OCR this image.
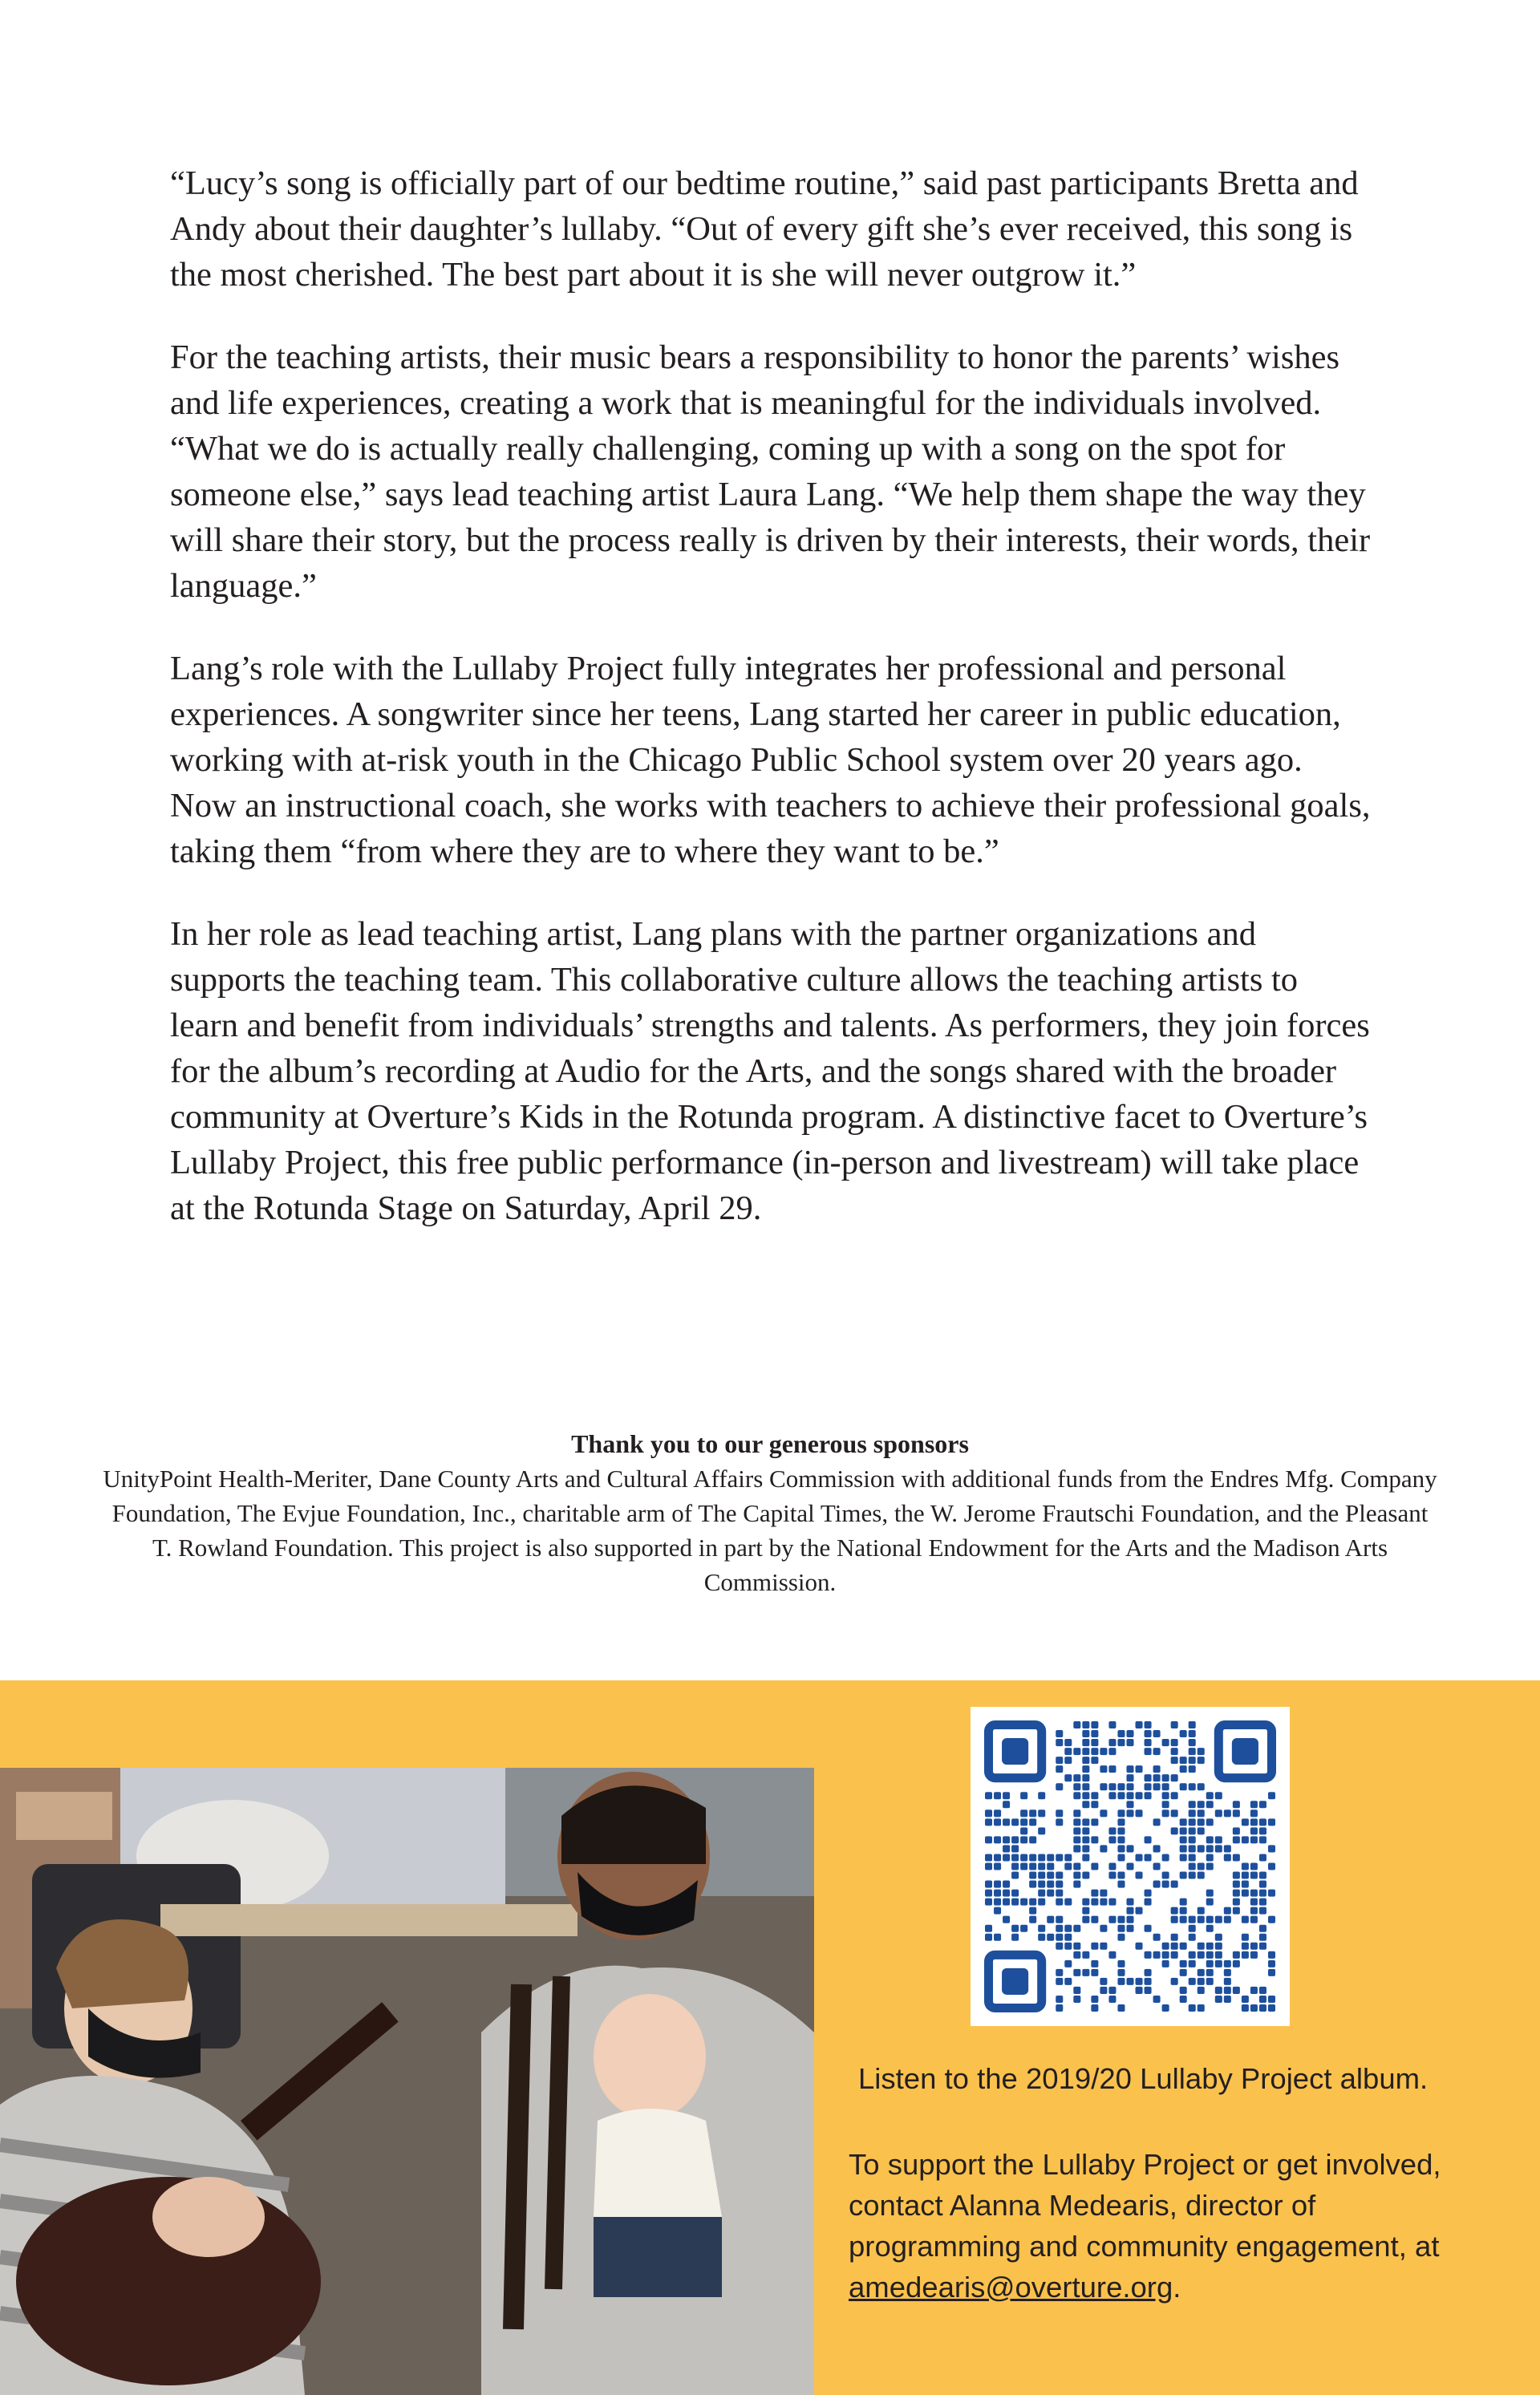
“Lucy’s song is officially part of our bedtime routine,” said past participants Bretta and Andy about their daughter’s lullaby. “Out of every gift she’s ever received, this song is the most cherished. The best part about it is she will never outgrow it.”

For the teaching artists, their music bears a responsibility to honor the parents’ wishes and life experiences, creating a work that is meaningful for the individuals involved. “What we do is actually really challenging, coming up with a song on the spot for someone else,” says lead teaching artist Laura Lang. “We help them shape the way they will share their story, but the process really is driven by their interests, their words, their language.”

Lang’s role with the Lullaby Project fully integrates her professional and personal experiences. A songwriter since her teens, Lang started her career in public education, working with at-risk youth in the Chicago Public School system over 20 years ago. Now an instructional coach, she works with teachers to achieve their professional goals, taking them “from where they are to where they want to be.”

In her role as lead teaching artist, Lang plans with the partner organizations and supports the teaching team. This collaborative culture allows the teaching artists to learn and benefit from individuals’ strengths and talents. As performers, they join forces for the album’s recording at Audio for the Arts, and the songs shared with the broader community at Overture’s Kids in the Rotunda program. A distinctive facet to Overture’s Lullaby Project, this free public performance (in-person and livestream) will take place at the Rotunda Stage on Saturday, April 29.

Thank you to our generous sponsors
UnityPoint Health-Meriter, Dane County Arts and Cultural Affairs Commission with additional funds from the Endres Mfg. Company Foundation, The Evjue Foundation, Inc., charitable arm of The Capital Times, the W. Jerome Frautschi Foundation, and the Pleasant T. Rowland Foundation. This project is also supported in part by the National Endowment for the Arts and the Madison Arts Commission.
Listen to the 2019/20 Lullaby Project album.
To support the Lullaby Project or get involved, contact Alanna Medearis, director of programming and community engagement, at amedearis@overture.org.
